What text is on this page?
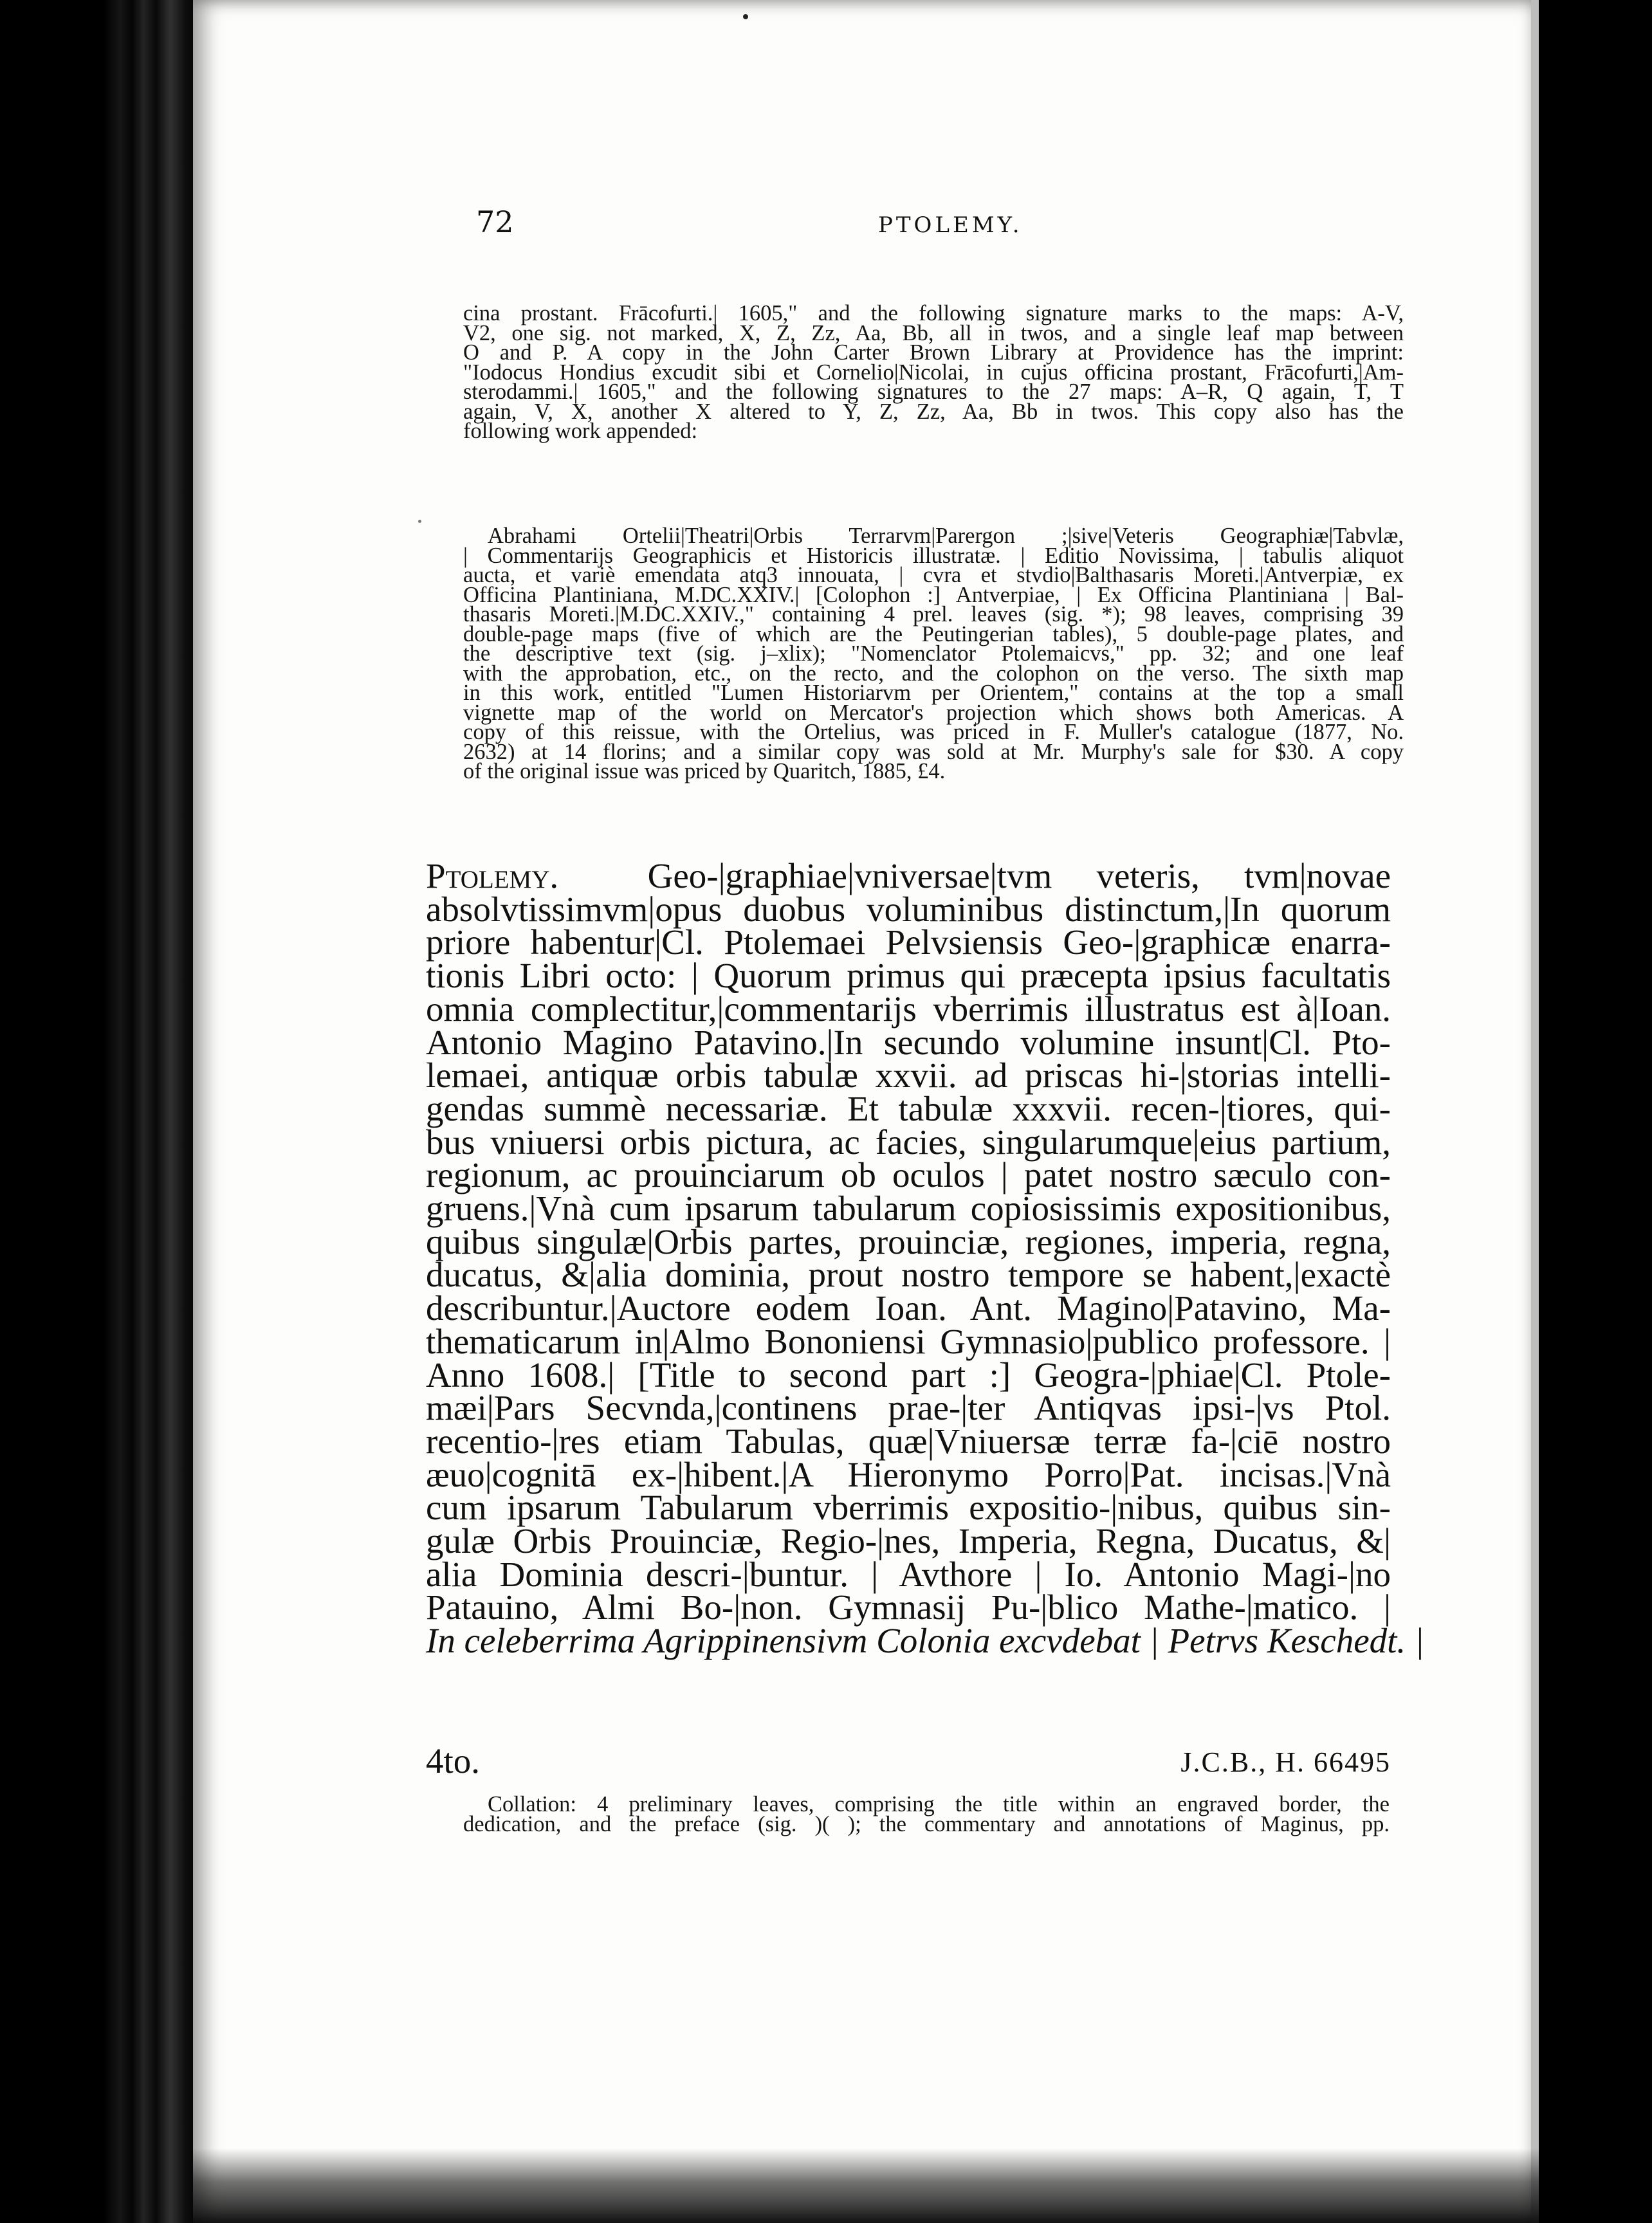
72	PTOLEMY.
cina prostant. Frācofurti.| 1605," and the following signature marks to the maps: A-V,
V2, one sig. not marked, X, Z, Zz, Aa, Bb, all in twos, and a single leaf map between
O and P. A copy in the John Carter Brown Library at Providence has the imprint:
"Iodocus Hondius excudit sibi et Cornelio|Nicolai, in cujus officina prostant, Frācofurti,|Am-
sterodammi.| 1605," and the following signatures to the 27 maps: A–R, Q again, T, T
again, V, X, another X altered to Y, Z, Zz, Aa, Bb in twos. This copy also has the
following work appended:
Abrahami Ortelii|Theatri|Orbis Terrarvm|Parergon ;|sive|Veteris Geographiæ|Tabvlæ,
| Commentarijs Geographicis et Historicis illustratæ. | Editio Novissima, | tabulis aliquot
aucta, et variè emendata atq3 innouata, | cvra et stvdio|Balthasaris Moreti.|Antverpiæ, ex
Officina Plantiniana, M.DC.XXIV.| [Colophon :] Antverpiae, | Ex Officina Plantiniana | Bal-
thasaris Moreti.|M.DC.XXIV.," containing 4 prel. leaves (sig. *); 98 leaves, comprising 39
double-page maps (five of which are the Peutingerian tables), 5 double-page plates, and
the descriptive text (sig. j–xlix); "Nomenclator Ptolemaicvs," pp. 32; and one leaf
with the approbation, etc., on the recto, and the colophon on the verso. The sixth map
in this work, entitled "Lumen Historiarvm per Orientem," contains at the top a small
vignette map of the world on Mercator's projection which shows both Americas. A
copy of this reissue, with the Ortelius, was priced in F. Muller's catalogue (1877, No.
2632) at 14 florins; and a similar copy was sold at Mr. Murphy's sale for $30. A copy
of the original issue was priced by Quaritch, 1885, £4.
Ptolemy.	Geo-|graphiae|vniversae|tvm veteris, tvm|novae
absolvtissimvm|opus duobus voluminibus distinctum,|In quorum
priore habentur|Cl. Ptolemaei Pelvsiensis Geo-|graphicæ enarra-
tionis Libri octo: | Quorum primus qui præcepta ipsius facultatis
omnia complectitur,|commentarijs vberrimis illustratus est à|Ioan.
Antonio Magino Patavino.|In secundo volumine insunt|Cl. Pto-
lemaei, antiquæ orbis tabulæ xxvii. ad priscas hi-|storias intelli-
gendas summè necessariæ. Et tabulæ xxxvii. recen-|tiores, qui-
bus vniuersi orbis pictura, ac facies, singularumque|eius partium,
regionum, ac prouinciarum ob oculos | patet nostro sæculo con-
gruens.|Vnà cum ipsarum tabularum copiosissimis expositionibus,
quibus singulæ|Orbis partes, prouinciæ, regiones, imperia, regna,
ducatus, &|alia dominia, prout nostro tempore se habent,|exactè
describuntur.|Auctore eodem Ioan. Ant. Magino|Patavino, Ma-
thematicarum in|Almo Bononiensi Gymnasio|publico professore. |
Anno 1608.| [Title to second part :] Geogra-|phiae|Cl. Ptole-
mæi|Pars Secvnda,|continens prae-|ter Antiqvas ipsi-|vs Ptol.
recentio-|res etiam Tabulas, quæ|Vniuersæ terræ fa-|ciē nostro
æuo|cognitā ex-|hibent.|A Hieronymo Porro|Pat. incisas.|Vnà
cum ipsarum Tabularum vberrimis expositio-|nibus, quibus sin-
gulæ Orbis Prouinciæ, Regio-|nes, Imperia, Regna, Ducatus, &|
alia Dominia descri-|buntur. | Avthore | Io. Antonio Magi-|no
Patauino, Almi Bo-|non. Gymnasij Pu-|blico Mathe-|matico. |
In celeberrima Agrippinensivm Colonia excvdebat | Petrvs Keschedt. |
4to.	J.C.B., H. 66495
Collation: 4 preliminary leaves, comprising the title within an engraved border, the
dedication, and the preface (sig. )( ); the commentary and annotations of Maginus, pp.
